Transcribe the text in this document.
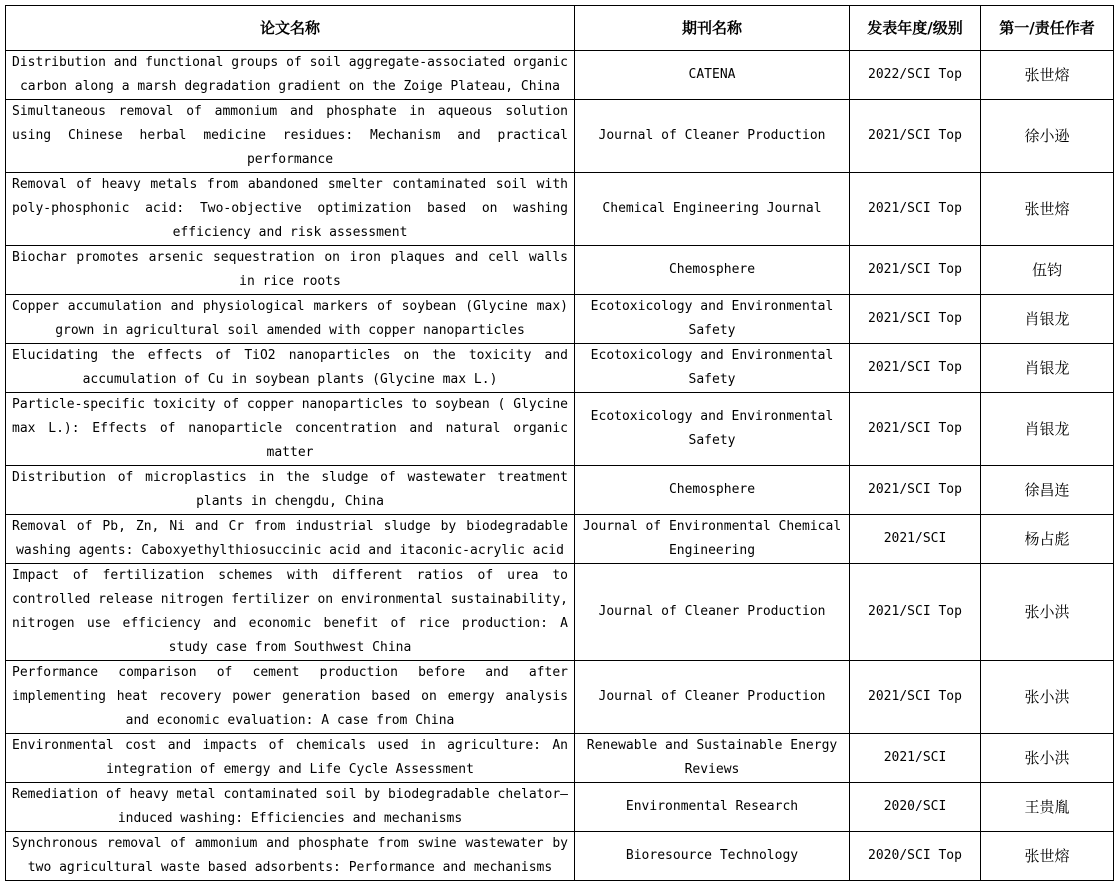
论文名称	期刊名称	发表年度/级别	第一/责任作者
Distribution and functional groups of soil aggregate-associated organic carbon along a marsh degradation gradient on the Zoige Plateau, China	CATENA	2022/SCI Top	张世熔
Simultaneous removal of ammonium and phosphate in aqueous solution using Chinese herbal medicine residues: Mechanism and practical performance	Journal of Cleaner Production	2021/SCI Top	徐小逊
Removal of heavy metals from abandoned smelter contaminated soil with poly-phosphonic acid: Two-objective optimization based on washing efficiency and risk assessment	Chemical Engineering Journal	2021/SCI Top	张世熔
Biochar promotes arsenic sequestration on iron plaques and cell walls in rice roots	Chemosphere	2021/SCI Top	伍钧
Copper accumulation and physiological markers of soybean (Glycine max) grown in agricultural soil amended with copper nanoparticles	Ecotoxicology and Environmental Safety	2021/SCI Top	肖银龙
Elucidating the effects of TiO2 nanoparticles on the toxicity and accumulation of Cu in soybean plants (Glycine max L.)	Ecotoxicology and Environmental Safety	2021/SCI Top	肖银龙
Particle-specific toxicity of copper nanoparticles to soybean ( Glycine max L.): Effects of nanoparticle concentration and natural organic matter	Ecotoxicology and Environmental Safety	2021/SCI Top	肖银龙
Distribution of microplastics in the sludge of wastewater treatment plants in chengdu, China	Chemosphere	2021/SCI Top	徐昌连
Removal of Pb, Zn, Ni and Cr from industrial sludge by biodegradable washing agents: Caboxyethylthiosuccinic acid and itaconic-acrylic acid	Journal of Environmental Chemical Engineering	2021/SCI	杨占彪
Impact of fertilization schemes with different ratios of urea to controlled release nitrogen fertilizer on environmental sustainability, nitrogen use efficiency and economic benefit of rice production: A study case from Southwest China	Journal of Cleaner Production	2021/SCI Top	张小洪
Performance comparison of cement production before and after implementing heat recovery power generation based on emergy analysis and economic evaluation: A case from China	Journal of Cleaner Production	2021/SCI Top	张小洪
Environmental cost and impacts of chemicals used in agriculture: An integration of emergy and Life Cycle Assessment	Renewable and Sustainable Energy Reviews	2021/SCI	张小洪
Remediation of heavy metal contaminated soil by biodegradable chelator–induced washing: Efficiencies and mechanisms	Environmental Research	2020/SCI	王贵胤
Synchronous removal of ammonium and phosphate from swine wastewater by two agricultural waste based adsorbents: Performance and mechanisms	Bioresource Technology	2020/SCI Top	张世熔
